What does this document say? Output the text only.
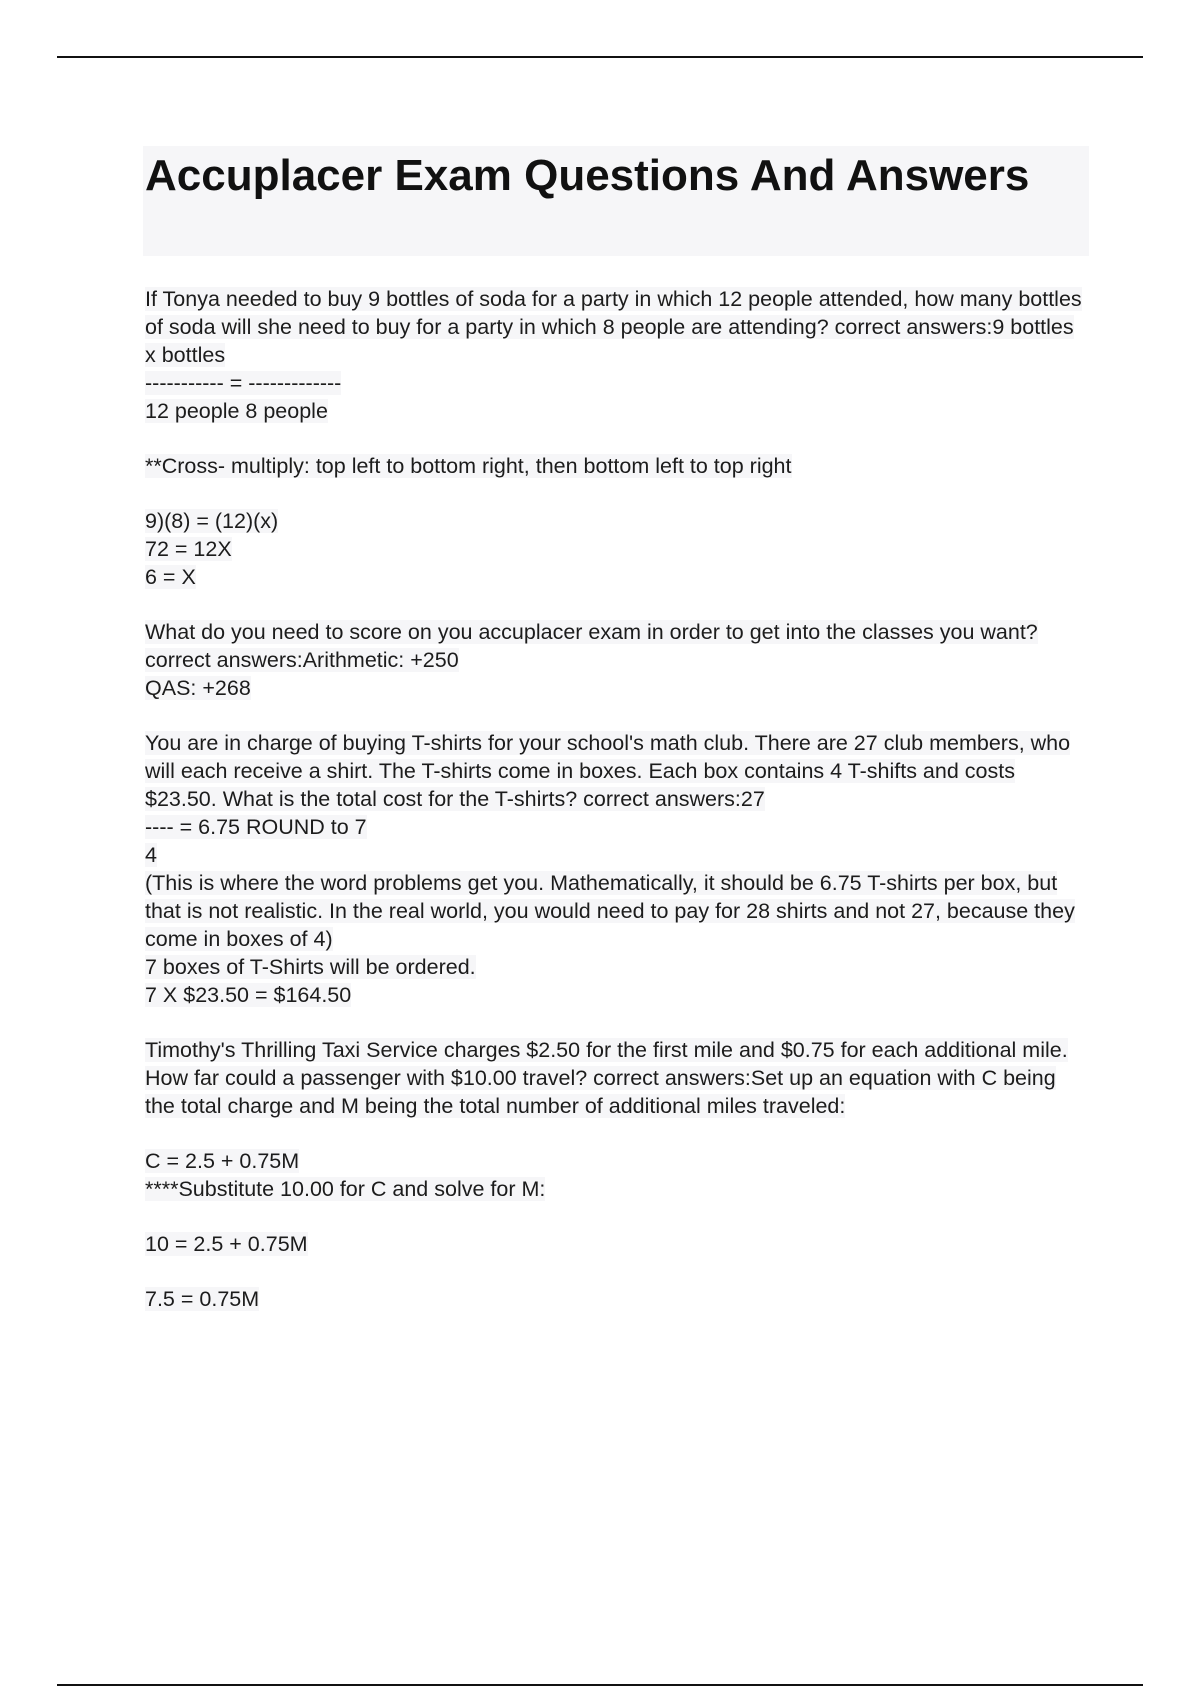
Accuplacer Exam Questions And Answers

If Tonya needed to buy 9 bottles of soda for a party in which 12 people attended, how many bottles of soda will she need to buy for a party in which 8 people are attending? correct answers:9 bottles x bottles
----------- = -------------
12 people 8 people

**Cross- multiply: top left to bottom right, then bottom left to top right

9)(8) = (12)(x)
72 = 12X
6 = X

What do you need to score on you accuplacer exam in order to get into the classes you want? correct answers:Arithmetic: +250
QAS: +268

You are in charge of buying T-shirts for your school's math club. There are 27 club members, who will each receive a shirt. The T-shirts come in boxes. Each box contains 4 T-shifts and costs $23.50. What is the total cost for the T-shirts? correct answers:27
---- = 6.75 ROUND to 7
4
(This is where the word problems get you. Mathematically, it should be 6.75 T-shirts per box, but that is not realistic. In the real world, you would need to pay for 28 shirts and not 27, because they come in boxes of 4)
7 boxes of T-Shirts will be ordered.
7 X $23.50 = $164.50

Timothy's Thrilling Taxi Service charges $2.50 for the first mile and $0.75 for each additional mile. How far could a passenger with $10.00 travel? correct answers:Set up an equation with C being the total charge and M being the total number of additional miles traveled:

C = 2.5 + 0.75M
****Substitute 10.00 for C and solve for M:

10 = 2.5 + 0.75M

7.5 = 0.75M
